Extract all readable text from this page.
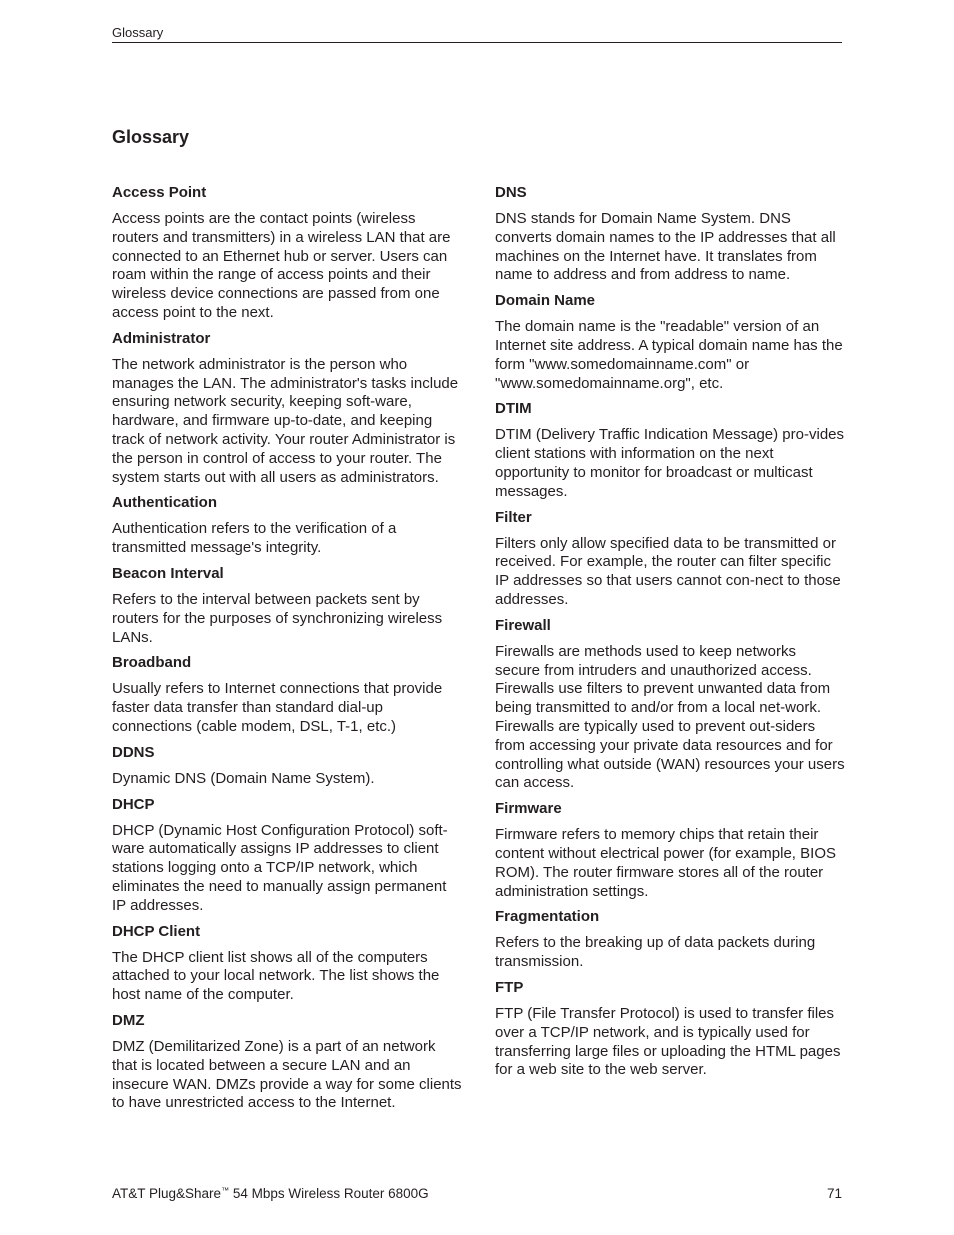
Glossary
Glossary

Access Point

Access points are the contact points (wireless routers and transmitters) in a wireless LAN that are connected to an Ethernet hub or server. Users can roam within the range of access points and their wireless device connections are passed from one access point to the next.

Administrator

The network administrator is the person who manages the LAN. The administrator's tasks include ensuring network security, keeping soft-ware, hardware, and firmware up-to-date, and keeping track of network activity. Your router Administrator is the person in control of access to your router. The system starts out with all users as administrators.

Authentication

Authentication refers to the verification of a transmitted message's integrity.

Beacon Interval

Refers to the interval between packets sent by routers for the purposes of synchronizing wireless LANs.

Broadband

Usually refers to Internet connections that provide faster data transfer than standard dial-up connections (cable modem, DSL, T-1, etc.)

DDNS

Dynamic DNS (Domain Name System).

DHCP

DHCP (Dynamic Host Configuration Protocol) soft-ware automatically assigns IP addresses to client stations logging onto a TCP/IP network, which eliminates the need to manually assign permanent IP addresses.

DHCP Client

The DHCP client list shows all of the computers attached to your local network. The list shows the host name of the computer.

DMZ

DMZ (Demilitarized Zone) is a part of an network that is located between a secure LAN and an insecure WAN. DMZs provide a way for some clients to have unrestricted access to the Internet.

DNS

DNS stands for Domain Name System. DNS converts domain names to the IP addresses that all machines on the Internet have. It translates from name to address and from address to name.

Domain Name

The domain name is the "readable" version of an Internet site address. A typical domain name has the form "www.somedomainname.com" or "www.somedomainname.org", etc.

DTIM

DTIM (Delivery Traffic Indication Message) pro-vides client stations with information on the next opportunity to monitor for broadcast or multicast messages.

Filter

Filters only allow specified data to be transmitted or received. For example, the router can filter specific IP addresses so that users cannot con-nect to those addresses.

Firewall

Firewalls are methods used to keep networks secure from intruders and unauthorized access. Firewalls use filters to prevent unwanted data from being transmitted to and/or from a local net-work. Firewalls are typically used to prevent out-siders from accessing your private data resources and for controlling what outside (WAN) resources your users can access.

Firmware

Firmware refers to memory chips that retain their content without electrical power (for example, BIOS ROM). The router firmware stores all of the router administration settings.

Fragmentation

Refers to the breaking up of data packets during transmission.

FTP

FTP (File Transfer Protocol) is used to transfer files over a TCP/IP network, and is typically used for transferring large files or uploading the HTML pages for a web site to the web server.

AT&T Plug&Share™ 54 Mbps Wireless Router 6800G	71
